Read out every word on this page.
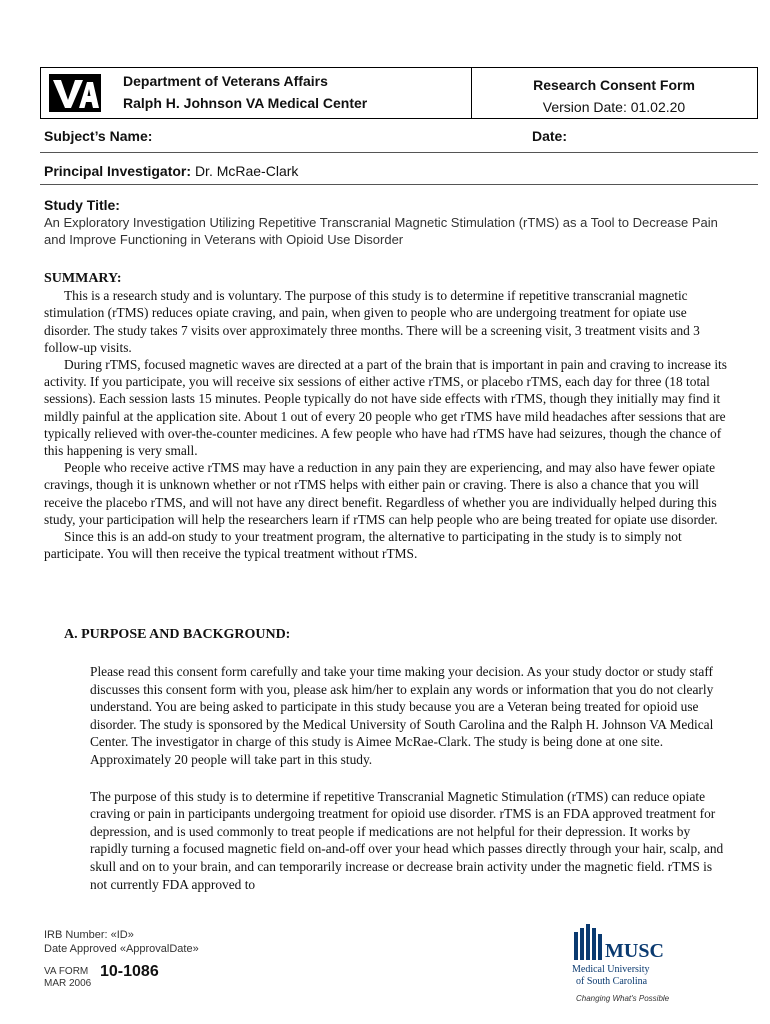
Department of Veterans Affairs
Ralph H. Johnson VA Medical Center
Research Consent Form
Version Date: 01.02.20
Subject’s Name:	Date:
Principal Investigator: Dr. McRae-Clark
Study Title:
An Exploratory Investigation Utilizing Repetitive Transcranial Magnetic Stimulation (rTMS) as a Tool to Decrease Pain and Improve Functioning in Veterans with Opioid Use Disorder
SUMMARY:

This is a research study and is voluntary. The purpose of this study is to determine if repetitive transcranial magnetic stimulation (rTMS) reduces opiate craving, and pain, when given to people who are undergoing treatment for opiate use disorder. The study takes 7 visits over approximately three months. There will be a screening visit, 3 treatment visits and 3 follow-up visits.

During rTMS, focused magnetic waves are directed at a part of the brain that is important in pain and craving to increase its activity. If you participate, you will receive six sessions of either active rTMS, or placebo rTMS, each day for three (18 total sessions). Each session lasts 15 minutes. People typically do not have side effects with rTMS, though they initially may find it mildly painful at the application site. About 1 out of every 20 people who get rTMS have mild headaches after sessions that are typically relieved with over-the-counter medicines. A few people who have had rTMS have had seizures, though the chance of this happening is very small.

People who receive active rTMS may have a reduction in any pain they are experiencing, and may also have fewer opiate cravings, though it is unknown whether or not rTMS helps with either pain or craving. There is also a chance that you will receive the placebo rTMS, and will not have any direct benefit. Regardless of whether you are individually helped during this study, your participation will help the researchers learn if rTMS can help people who are being treated for opiate use disorder.

Since this is an add-on study to your treatment program, the alternative to participating in the study is to simply not participate. You will then receive the typical treatment without rTMS.

A. PURPOSE AND BACKGROUND:

Please read this consent form carefully and take your time making your decision. As your study doctor or study staff discusses this consent form with you, please ask him/her to explain any words or information that you do not clearly understand. You are being asked to participate in this study because you are a Veteran being treated for opioid use disorder. The study is sponsored by the Medical University of South Carolina and the Ralph H. Johnson VA Medical Center. The investigator in charge of this study is Aimee McRae-Clark. The study is being done at one site. Approximately 20 people will take part in this study.

The purpose of this study is to determine if repetitive Transcranial Magnetic Stimulation (rTMS) can reduce opiate craving or pain in participants undergoing treatment for opioid use disorder. rTMS is an FDA approved treatment for depression, and is used commonly to treat people if medications are not helpful for their depression. It works by rapidly turning a focused magnetic field on-and-off over your head which passes directly through your hair, scalp, and skull and on to your brain, and can temporarily increase or decrease brain activity under the magnetic field. rTMS is not currently FDA approved to

IRB Number: «ID»
Date Approved «ApprovalDate»
VA FORM
MAR 2006
10-1086
MUSC
Medical University
of South Carolina
Changing What's Possible
